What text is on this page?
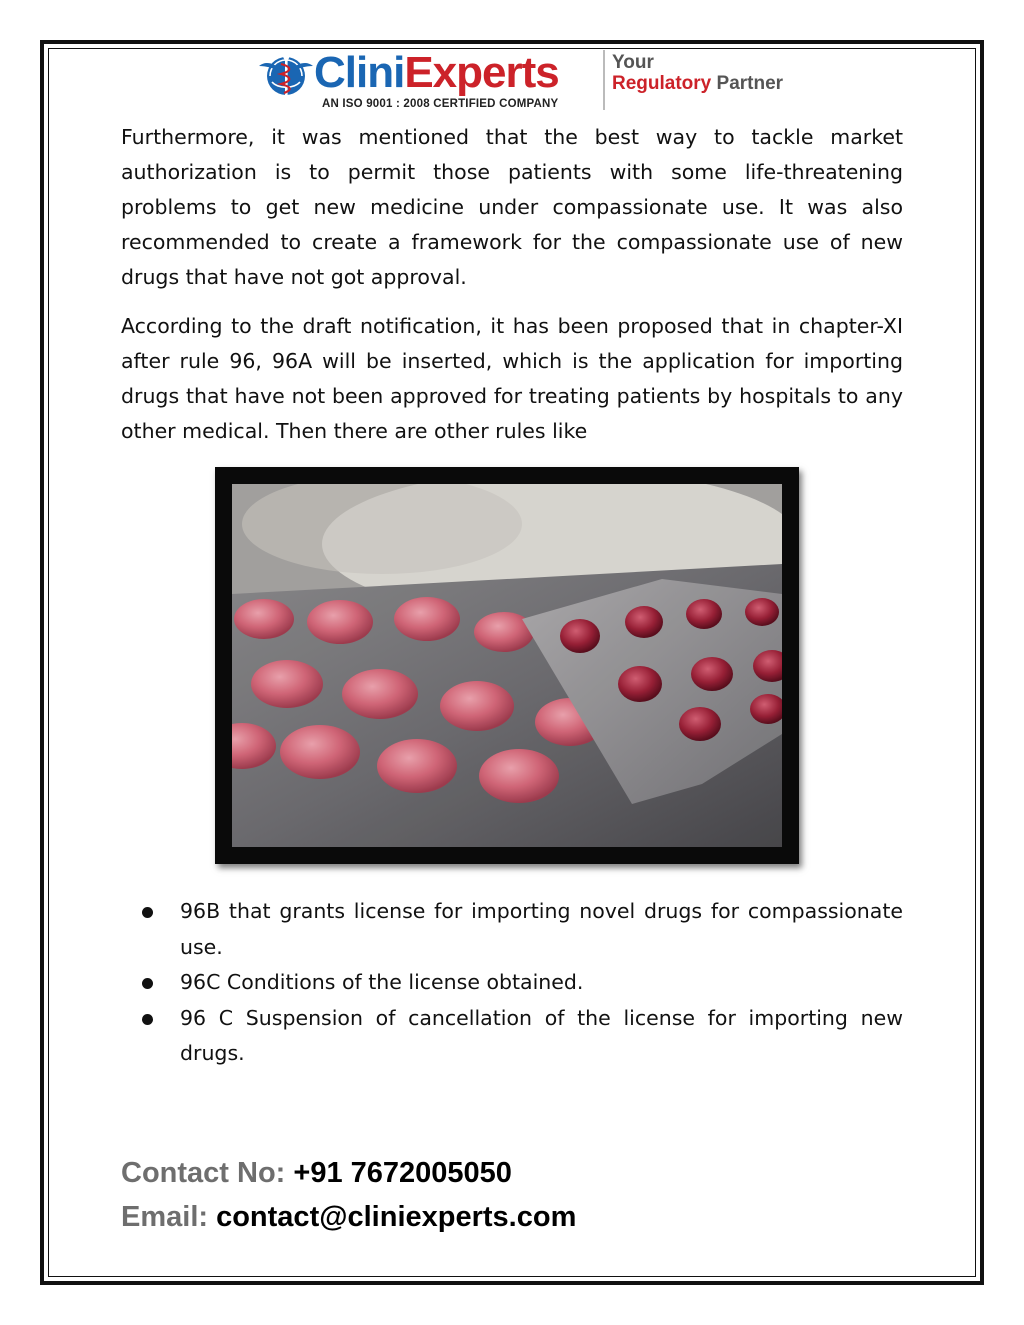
CliniExperts
AN ISO 9001 : 2008 CERTIFIED COMPANY
Your
Regulatory Partner

Furthermore, it was mentioned that the best way to tackle market authorization is to permit those patients with some life-threatening problems to get new medicine under compassionate use. It was also recommended to create a framework for the compassionate use of new drugs that have not got approval.

According to the draft notification, it has been proposed that in chapter-XI after rule 96, 96A will be inserted, which is the application for importing drugs that have not been approved for treating patients by hospitals to any other medical. Then there are other rules like

96B that grants license for importing novel drugs for compassionate use.
96C Conditions of the license obtained.
96 C Suspension of cancellation of the license for importing new drugs.
Contact No: +91 7672005050
Email: contact@cliniexperts.com
